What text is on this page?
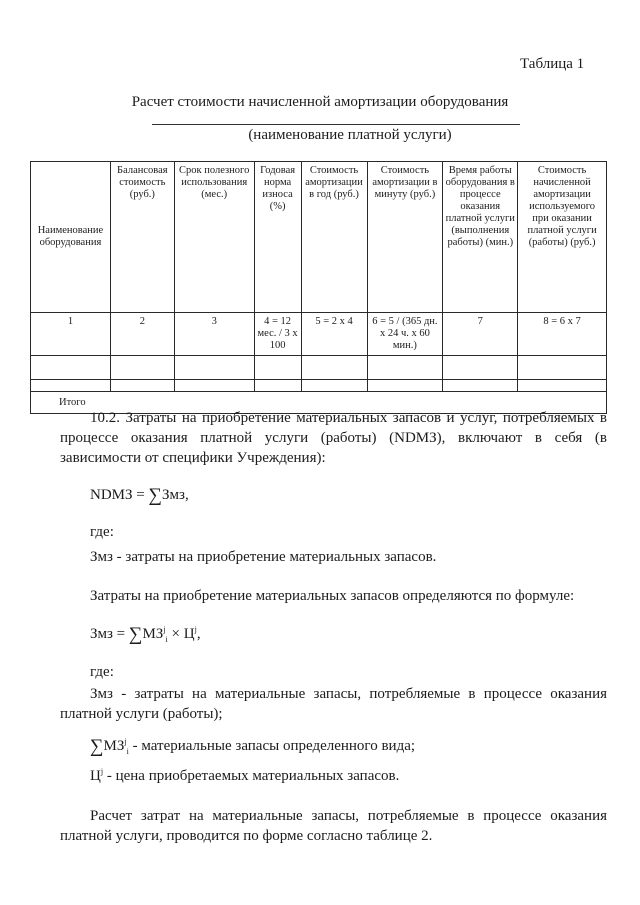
Таблица 1
Расчет стоимости начисленной амортизации оборудования
(наименование платной услуги)
Наименование оборудования	Балансовая стоимость (руб.)	Срок полезного использования (мес.)	Годовая норма износа (%)	Стоимость амортизации в год (руб.)	Стоимость амортизации в минуту (руб.)	Время работы оборудования в процессе оказания платной услуги (выполнения работы) (мин.)	Стоимость начисленной амортизации используемого при оказании платной услуги (работы) (руб.)
1	2	3	4 = 12 мес. / 3 х 100	5 = 2 х 4	6 = 5 / (365 дн. х 24 ч. х 60 мин.)	7	8 = 6 х 7

Итого							
10.2. Затраты на приобретение материальных запасов и услуг, потребляемых в процессе оказания платной услуги (работы) (NDМЗ), включают в себя (в зависимости от специфики Учреждения):
NDМЗ = ∑Змз,
где:
Змз - затраты на приобретение материальных запасов.
Затраты на приобретение материальных запасов определяются по формуле:
Змз = $\sum МЗ^j_i \times Ц^j$,
где:
Змз - затраты на материальные запасы, потребляемые в процессе оказания платной услуги (работы);
$\sum МЗ^j_i$ - материальные запасы определенного вида;
$Ц^j$ - цена приобретаемых материальных запасов.
Расчет затрат на материальные запасы, потребляемые в процессе оказания платной услуги, проводится по форме согласно таблице 2.
